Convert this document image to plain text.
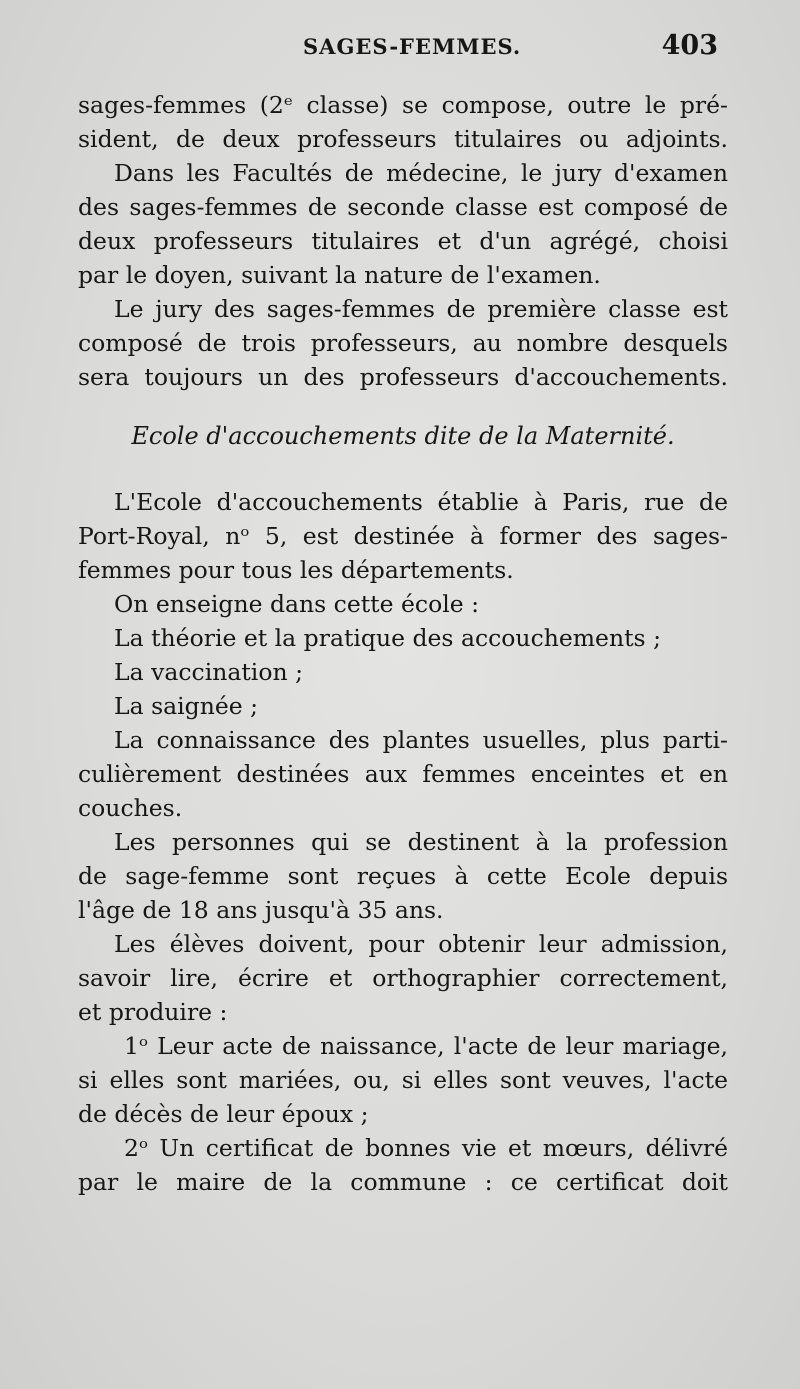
SAGES-FEMMES.	403
sages-femmes (2ᵉ classe) se compose, outre le pré-
sident, de deux professeurs titulaires ou adjoints.
Dans les Facultés de médecine, le jury d'examen
des sages-femmes de seconde classe est composé de
deux professeurs titulaires et d'un agrégé, choisi
par le doyen, suivant la nature de l'examen.
Le jury des sages-femmes de première classe est
composé de trois professeurs, au nombre desquels
sera toujours un des professeurs d'accouchements.
Ecole d'accouchements dite de la Maternité.
L'Ecole d'accouchements établie à Paris, rue de
Port-Royal, nᵒ 5, est destinée à former des sages-
femmes pour tous les départements.
On enseigne dans cette école :
La théorie et la pratique des accouchements ;
La vaccination ;
La saignée ;
La connaissance des plantes usuelles, plus parti-
culièrement destinées aux femmes enceintes et en
couches.
Les personnes qui se destinent à la profession
de sage-femme sont reçues à cette Ecole depuis
l'âge de 18 ans jusqu'à 35 ans.
Les élèves doivent, pour obtenir leur admission,
savoir lire, écrire et orthographier correctement,
et produire :
1ᵒ Leur acte de naissance, l'acte de leur mariage,
si elles sont mariées, ou, si elles sont veuves, l'acte
de décès de leur époux ;
2ᵒ Un certificat de bonnes vie et mœurs, délivré
par le maire de la commune : ce certificat doit
